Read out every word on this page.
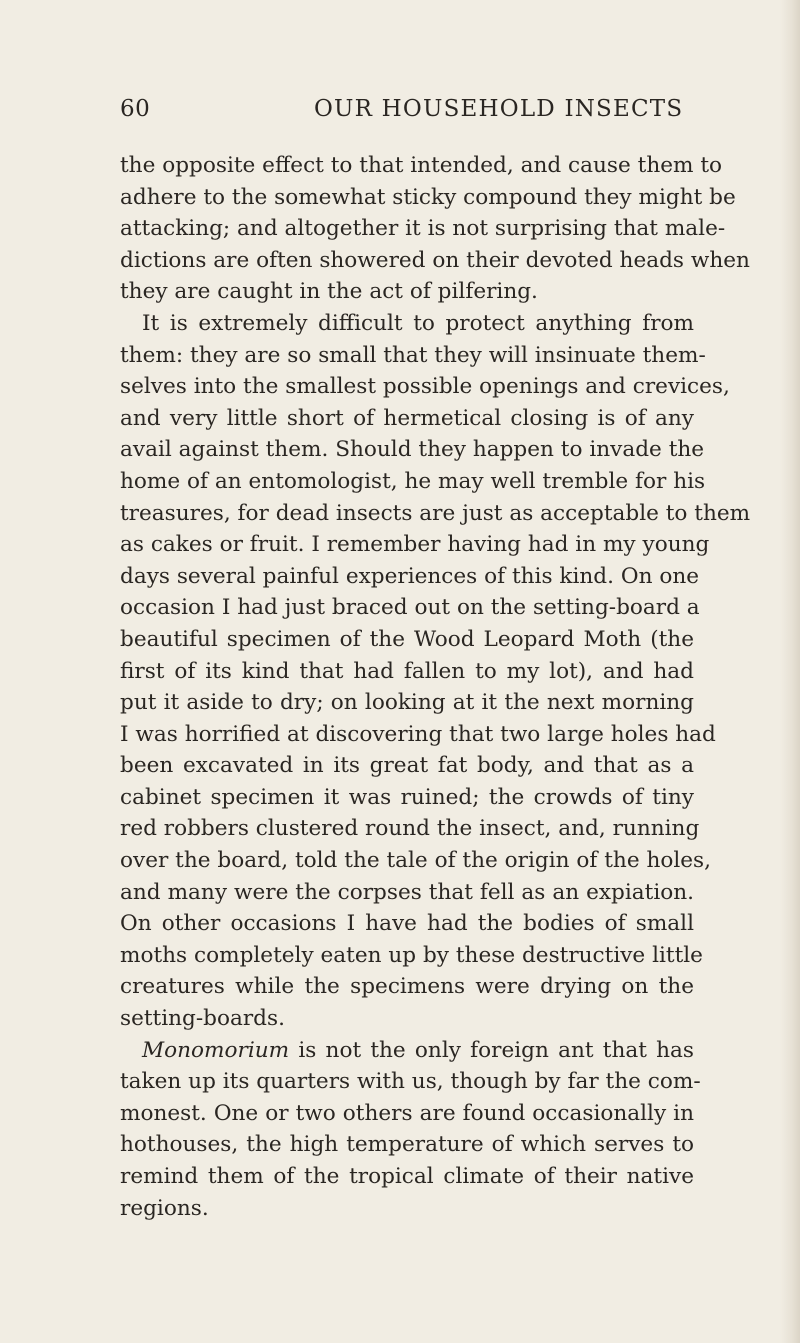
60	OUR HOUSEHOLD INSECTS

the opposite effect to that intended, and cause them to
adhere to the somewhat sticky compound they might be
attacking; and altogether it is not surprising that male-
dictions are often showered on their devoted heads when
they are caught in the act of pilfering.

It is extremely difficult to protect anything from
them: they are so small that they will insinuate them-
selves into the smallest possible openings and crevices,
and very little short of hermetical closing is of any
avail against them. Should they happen to invade the
home of an entomologist, he may well tremble for his
treasures, for dead insects are just as acceptable to them
as cakes or fruit. I remember having had in my young
days several painful experiences of this kind. On one
occasion I had just braced out on the setting-board a
beautiful specimen of the Wood Leopard Moth (the
first of its kind that had fallen to my lot), and had
put it aside to dry; on looking at it the next morning
I was horrified at discovering that two large holes had
been excavated in its great fat body, and that as a
cabinet specimen it was ruined; the crowds of tiny
red robbers clustered round the insect, and, running
over the board, told the tale of the origin of the holes,
and many were the corpses that fell as an expiation.
On other occasions I have had the bodies of small
moths completely eaten up by these destructive little
creatures while the specimens were drying on the
setting-boards.

Monomorium is not the only foreign ant that has
taken up its quarters with us, though by far the com-
monest. One or two others are found occasionally in
hothouses, the high temperature of which serves to
remind them of the tropical climate of their native
regions.
